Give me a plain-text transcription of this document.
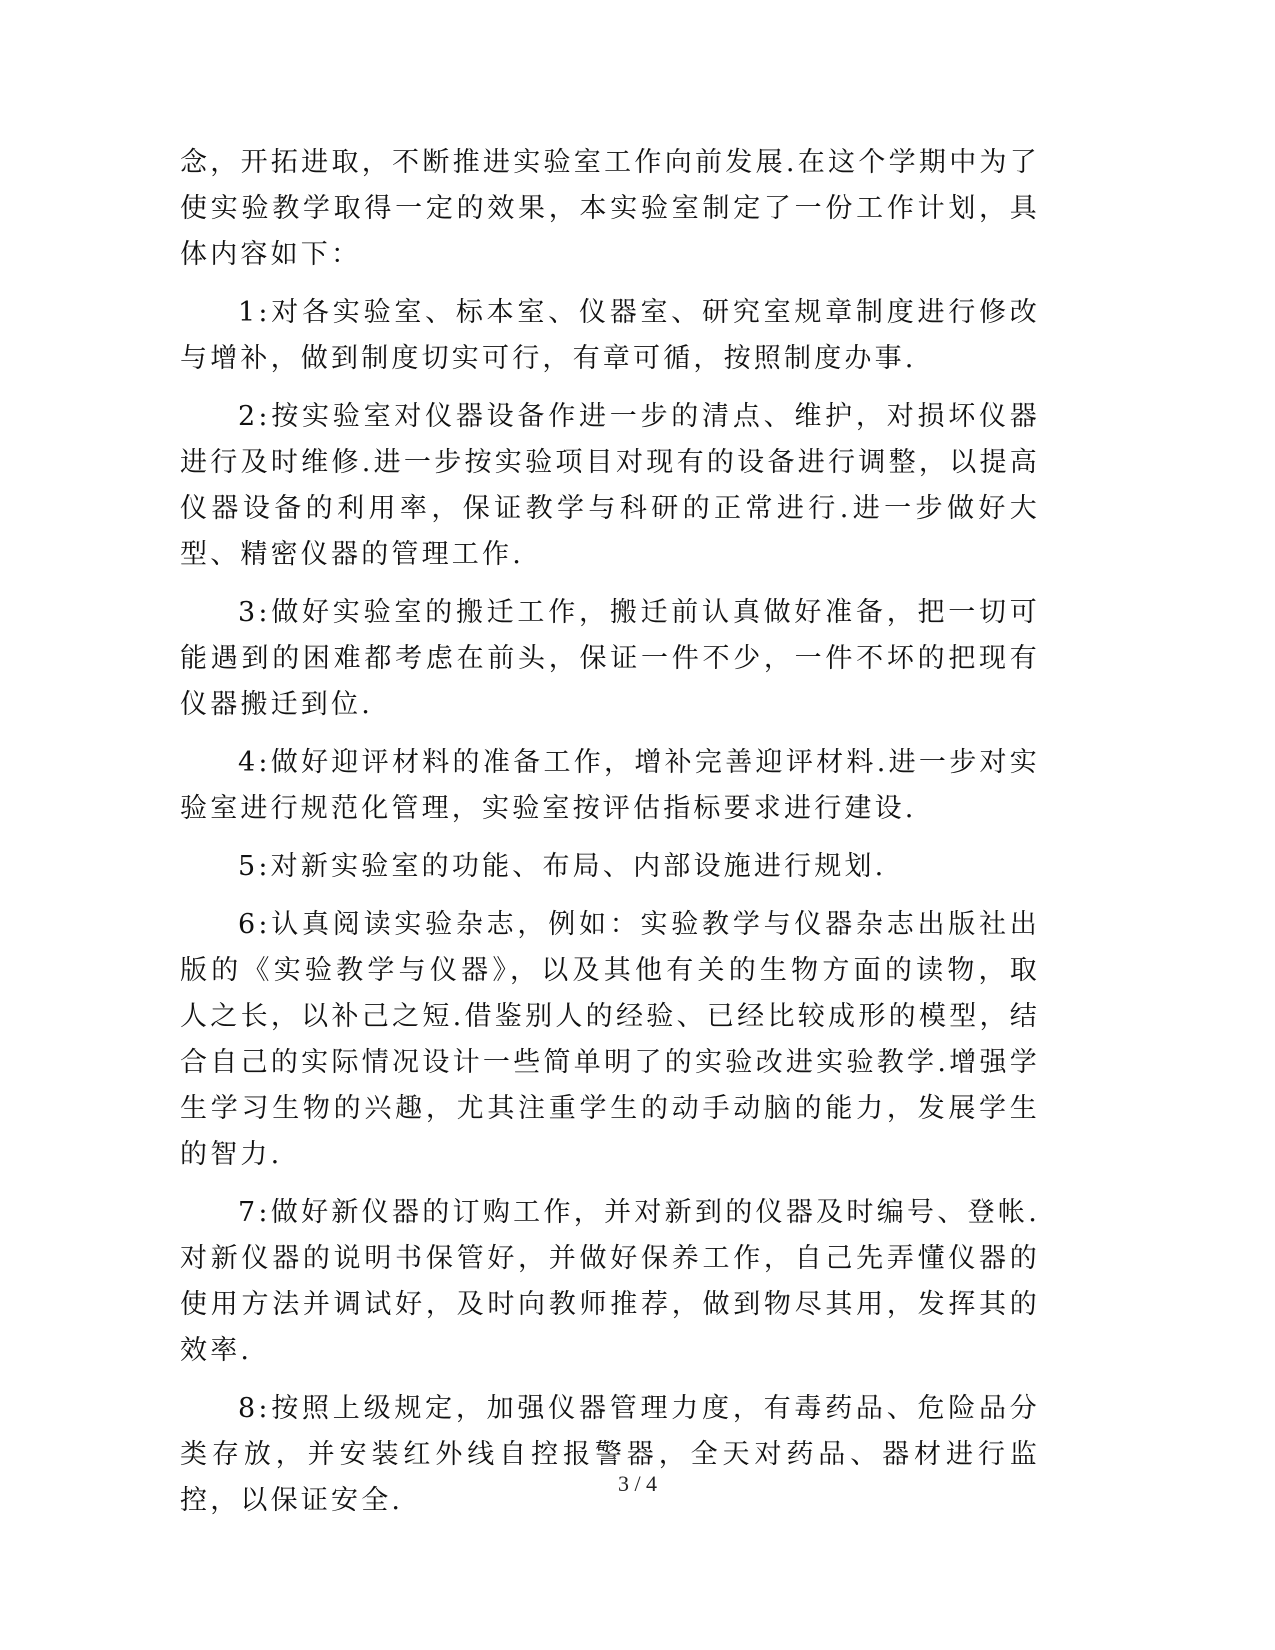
念，开拓进取，不断推进实验室工作向前发展.在这个学期中为了使实验教学取得一定的效果，本实验室制定了一份工作计划，具体内容如下：

1:对各实验室、标本室、仪器室、研究室规章制度进行修改与增补，做到制度切实可行，有章可循，按照制度办事.

2:按实验室对仪器设备作进一步的清点、维护，对损坏仪器进行及时维修.进一步按实验项目对现有的设备进行调整，以提高仪器设备的利用率，保证教学与科研的正常进行.进一步做好大型、精密仪器的管理工作.

3:做好实验室的搬迁工作，搬迁前认真做好准备，把一切可能遇到的困难都考虑在前头，保证一件不少，一件不坏的把现有仪器搬迁到位.

4:做好迎评材料的准备工作，增补完善迎评材料.进一步对实验室进行规范化管理，实验室按评估指标要求进行建设.

5:对新实验室的功能、布局、内部设施进行规划.

6:认真阅读实验杂志，例如：实验教学与仪器杂志出版社出版的《实验教学与仪器》，以及其他有关的生物方面的读物，取人之长，以补己之短.借鉴别人的经验、已经比较成形的模型，结合自己的实际情况设计一些简单明了的实验改进实验教学.增强学生学习生物的兴趣，尤其注重学生的动手动脑的能力，发展学生的智力.

7:做好新仪器的订购工作，并对新到的仪器及时编号、登帐.对新仪器的说明书保管好，并做好保养工作，自己先弄懂仪器的使用方法并调试好，及时向教师推荐，做到物尽其用，发挥其的效率.

8:按照上级规定，加强仪器管理力度，有毒药品、危险品分类存放，并安装红外线自控报警器，全天对药品、器材进行监控，以保证安全.

3 / 4
